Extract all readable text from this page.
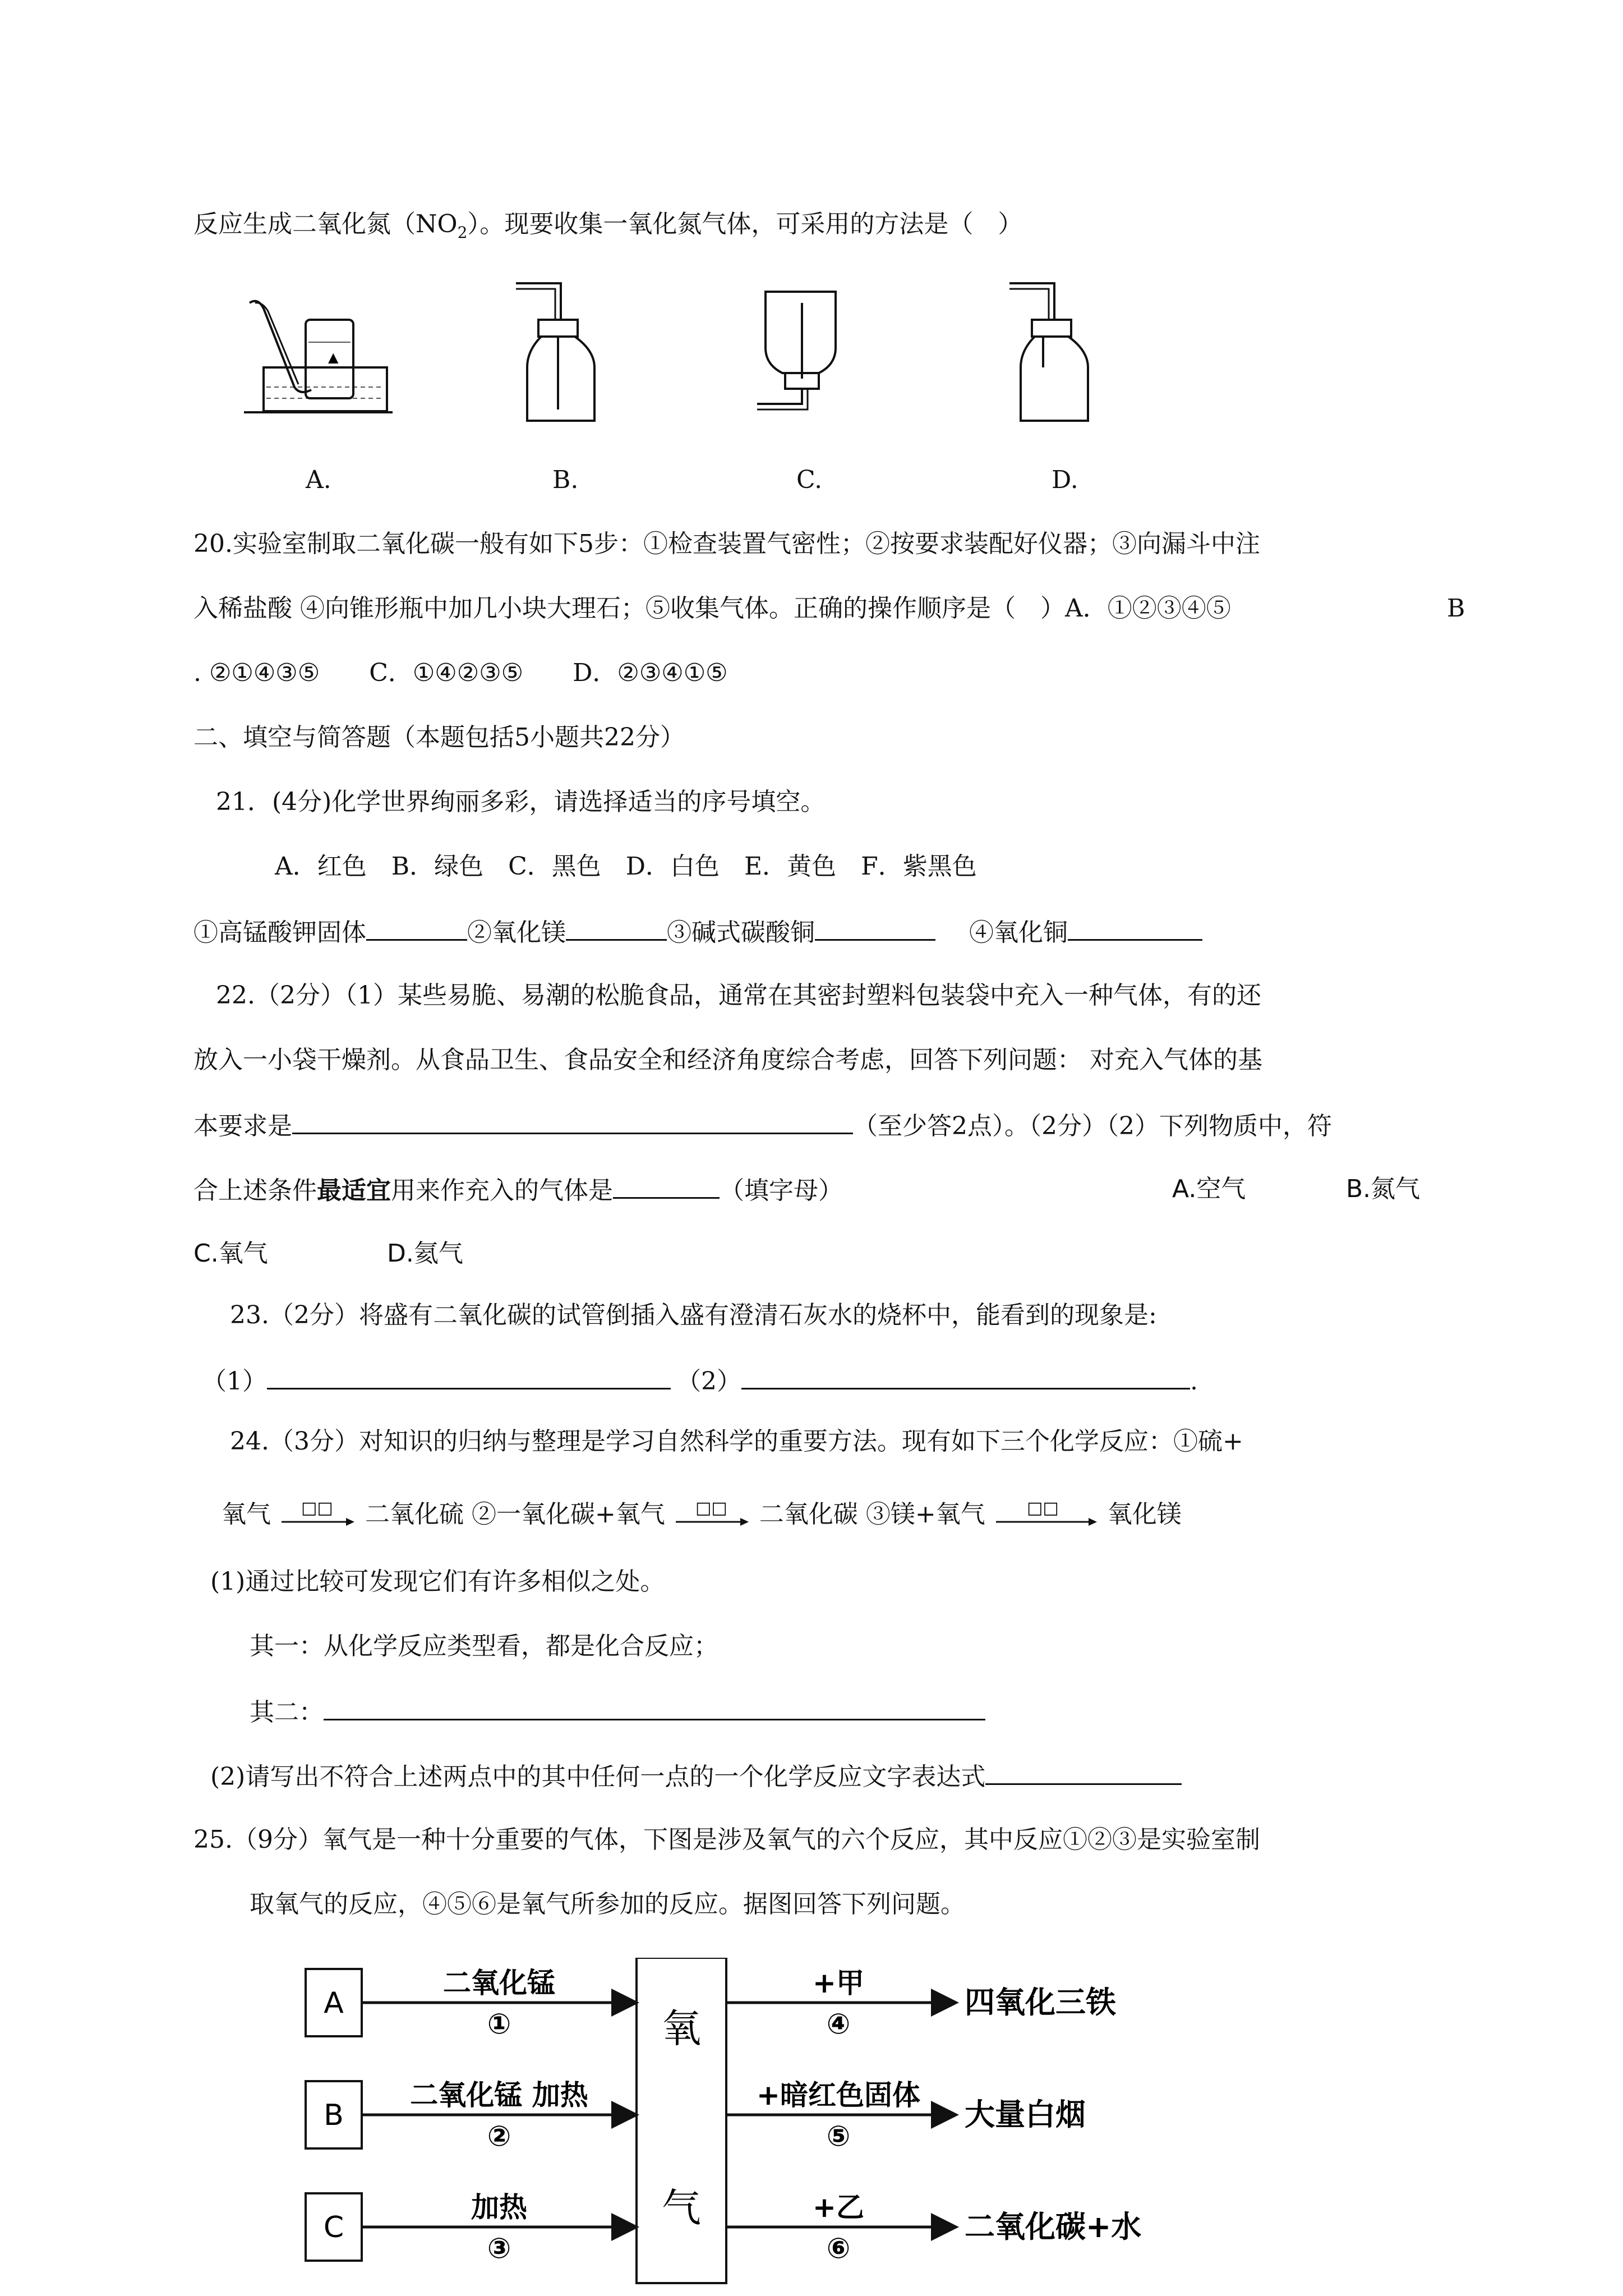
反应生成二氧化氮$(NO_2)$。现要收集一氧化氮气体，可采用的方法是（　）
▲
A.	B.	C.	D.
20.实验室制取二氧化碳一般有如下5步：①检查装置气密性；②按要求装配好仪器；③向漏斗中注
入稀盐酸 ④向锥形瓶中加几小块大理石；⑤收集气体。正确的操作顺序是（　）A．①②③④⑤	B
. ②①④③⑤　　C．①④②③⑤　　D．②③④①⑤
二、填空与简答题（本题包括5小题共22分）
21．(4分)化学世界绚丽多彩，请选择适当的序号填空。
A．红色　B．绿色　C．黑色　D．白色　E．黄色　F．紫黑色
①高锰酸钾固体	②氧化镁	③碱式碳酸铜	④氧化铜
22.（2分）（1）某些易脆、易潮的松脆食品，通常在其密封塑料包装袋中充入一种气体，有的还
放入一小袋干燥剂。从食品卫生、食品安全和经济角度综合考虑，回答下列问题： 对充入气体的基
本要求是	（至少答2点）。（2分）（2）下列物质中，符
合上述条件最适宜用来作充入的气体是	（填字母）	A.空气	B.氮气
C.氧气	D.氦气
23.（2分）将盛有二氧化碳的试管倒插入盛有澄清石灰水的烧杯中，能看到的现象是:
（1）	（2）	.
24.（3分）对知识的归纳与整理是学习自然科学的重要方法。现有如下三个化学反应：①硫+
氧气 □□ 二氧化硫 ②一氧化碳+氧气 □□ 二氧化碳 ③镁+氧气 □□ 氧化镁
(1)通过比较可发现它们有许多相似之处。
其一：从化学反应类型看，都是化合反应；
其二：
(2)请写出不符合上述两点中的其中任何一点的一个化学反应文字表达式
25.（9分）氧气是一种十分重要的气体，下图是涉及氧气的六个反应，其中反应①②③是实验室制
取氧气的反应，④⑤⑥是氧气所参加的反应。据图回答下列问题。
A
B
C
二氧化锰
二氧化锰 加热
加热
①
②
③
氧
气
+甲
+暗红色固体
+乙
④
⑤
⑥
四氧化三铁
大量白烟
二氧化碳+水
